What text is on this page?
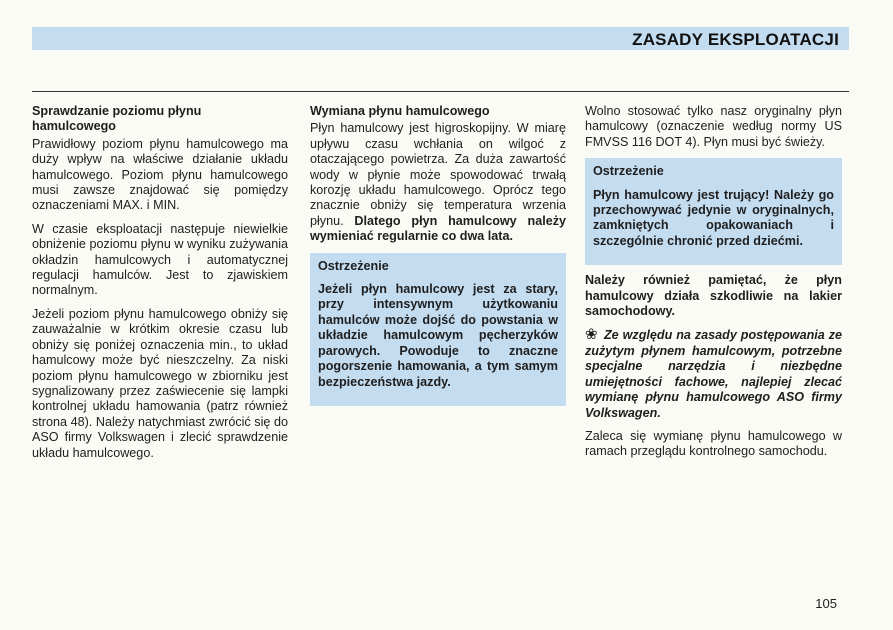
ZASADY EKSPLOATACJI
Sprawdzanie poziomu płynu hamulcowego

Prawidłowy poziom płynu hamulcowego ma duży wpływ na właściwe działanie układu hamulcowego. Poziom płynu hamulcowego musi zawsze znajdować się pomiędzy oznaczeniami MAX. i MIN.

W czasie eksploatacji następuje niewielkie obniżenie poziomu płynu w wyniku zużywania okładzin hamulcowych i automatycznej regulacji hamulców. Jest to zjawiskiem normalnym.

Jeżeli poziom płynu hamulcowego obniży się zauważalnie w krótkim okresie czasu lub obniży się poniżej oznaczenia min., to układ hamulcowy może być nieszczelny. Za niski poziom płynu hamulcowego w zbiorniku jest sygnalizowany przez zaświecenie się lampki kontrolnej układu hamowania (patrz również strona 48). Należy natychmiast zwrócić się do ASO firmy Volkswagen i zlecić sprawdzenie układu hamulcowego.

Wymiana płynu hamulcowego

Płyn hamulcowy jest higroskopijny. W miarę upływu czasu wchłania on wilgoć z otaczającego powietrza. Za duża zawartość wody w płynie może spowodować trwałą korozję układu hamulcowego. Oprócz tego znacznie obniży się temperatura wrzenia płynu. Dlatego płyn hamulcowy należy wymieniać regularnie co dwa lata.

Ostrzeżenie

Jeżeli płyn hamulcowy jest za stary, przy intensywnym użytkowaniu hamulców może dojść do powstania w układzie hamulcowym pęcherzyków parowych. Powoduje to znaczne pogorszenie hamowania, a tym samym bezpieczeństwa jazdy.

Wolno stosować tylko nasz oryginalny płyn hamulcowy (oznaczenie według normy US FMVSS 116 DOT 4). Płyn musi być świeży.

Ostrzeżenie

Płyn hamulcowy jest trujący! Należy go przechowywać jedynie w oryginalnych, zamkniętych opakowaniach i szczególnie chronić przed dziećmi.

Należy również pamiętać, że płyn hamulcowy działa szkodliwie na lakier samochodowy.

❀ Ze względu na zasady postępowania ze zużytym płynem hamulcowym, potrzebne specjalne narzędzia i niezbędne umiejętności fachowe, najlepiej zlecać wymianę płynu hamulcowego ASO firmy Volkswagen.

Zaleca się wymianę płynu hamulcowego w ramach przeglądu kontrolnego samochodu.

105
